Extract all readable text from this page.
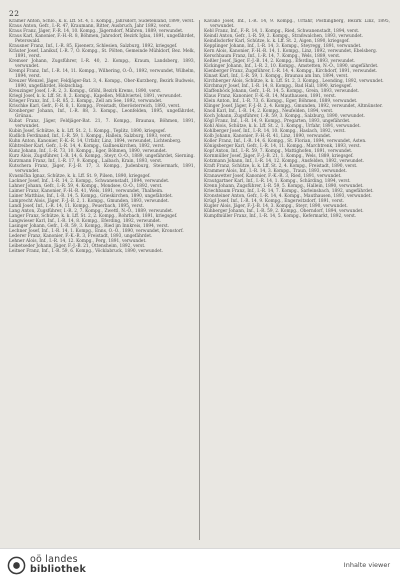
22

Kramer Anton, Schlo., k. k. Lff. St. 4, 1. Kompg., Jahrsdorf, Sudetenland, 1899, verst.

Kraus Anton, Gefr., I.-R. 47, Kraumann, Ritter, Ausbruch, Jahr 1892, verst.

Kraus Franz, Jäger, F.-R. 14, 10. Kompg., Jägerndorf, Mähren, 1889, verwundet.

Kraus Karl, Kanonier, F.-H.-R. 8, Böhmen, Jahrsdorf, Bezirk Iglau, 1891, ungefährdet, Peterswald.

Krausner Franz, Inf., I.-R. 85, Eisenerz, Schlesien, Salzburg, 1892, kriegsgef.

Kräuter Josef, Lanikuf, I.-R. 7, Ö. Kompg., St. Pölten, Gemeinde Mühldorf, Bez. Melk, 1891, verst.

Kremser Johann, Zugsführer, I.-R. 40, 2. Kompg., Kraum, Landsberg, 1893, verwundet.

Krempl Franz, Inf., I.-R. 14, 11. Kompg., Wilhering, O.-Ö., 1892, verwundet, Wilhelm, 1894, verst.

Kreuzer Wenzel, Jäger, Feldjäger-Bat. 3, 4. Kompg., Ober-Kurzberg, Bezirk Budweis, 1890, ungefährdet, Holzschlag.

Kreuzinger Josef, I.-R. 2, 3. Kompg., Gföhl, Bezirk Krems, 1890, verst.

Kriegl Josef, k. k. Lff. St. 8, 2. Kompg., Kapellen, Mühlviertel, 1891, verwundet.

Krieger Franz, Inf., I.-R. 85, 2. Kompg., Zell am See, 1892, verwundet.

Krischke Karl, Gefr., F.-R. 8, 1. Kompg., Freistadt, Oberösterreich, 1893, verst.

Kronberger Johann, Inf., I.-R. 88, 3. Kompg., Leonfelden, 1895, ungefährdet, Grünau.

Kubat Franz, Jäger, Feldjäger-Bat. 21, 7. Kompg., Braunau, Böhmen, 1891, verwundet.

Kubin Josef, Schütze, k. k. Lff. St. 2, 1. Kompg., Teplitz, 1890, kriegsgef.

Kudlich Ferdinand, Inf., I.-R. 59, 1. Kompg., Hallein, Salzburg, 1893, verst.

Kuhn Anton, Kanonier, F.-K.-R. 14, Urfahr, Linz, 1894, verwundet, Lichtenberg.

Kühtreiber Karl, Gefr., I.-R. 14, 4. Kompg., Gallneukirchen, 1892, verst.

Kunz Johann, Inf., I.-R. 73, 10. Kompg., Eger, Böhmen, 1890, verwundet.

Kurz Alois, Zugsführer, I.-R. 14, 6. Kompg., Steyr, O.-Ö., 1889, ungefährdet, Sierning.

Kurzmann Franz, Inf., I.-R. 17, 9. Kompg., Laibach, Krain, 1893, verst.

Kutschera Franz, Jäger, F.-J.-B. 17, 3. Kompg., Judenburg, Steiermark, 1891, verwundet.

Kvasnička Ignaz, Schütze, k. k. Lff. St. 9, Pilsen, 1890, kriegsgef.

Lackner Josef, Inf., I.-R. 14, 2. Kompg., Schwanenstadt, 1894, verwundet.

Lahner Johann, Gefr., I.-R. 59, 4. Kompg., Mondsee, O.-Ö., 1892, verst.

Laimer Franz, Kanonier, F.-H.-R. 41, Wels, 1891, verwundet, Thalheim.

Lainer Matthias, Inf., I.-R. 14, 5. Kompg., Grieskirchen, 1890, ungefährdet.

Lamprecht Alois, Jäger, F.-J.-B. 2, 1. Kompg., Gmunden, 1893, verwundet.

Landl Josef, Inf., I.-R. 14, 11. Kompg., Peuerbach, 1895, verst.

Lang Anton, Zugsführer, I.-R. 2, 7. Kompg., Zwettl, N.-Ö., 1889, verwundet.

Langer Franz, Schütze, k. k. Lff. St. 2, 2. Kompg., Rohrbach, 1891, kriegsgef.

Langwieser Karl, Inf., I.-R. 14, 8. Kompg., Eferding, 1892, verwundet.

Lasinger Johann, Gefr., I.-R. 59, 3. Kompg., Ried im Innkreis, 1894, verst.

Lechner Josef, Inf., I.-R. 14, 1. Kompg., Enns, O.-Ö., 1890, verwundet, Kronstorf.

Lederer Franz, Kanonier, F.-K.-R. 3, Freistadt, 1893, ungefährdet.

Lehner Alois, Inf., I.-R. 14, 12. Kompg., Perg, 1891, verwundet.

Leibetseder Johann, Jäger, F.-J.-B. 21, Ottensheim, 1892, verst.

Leitner Franz, Inf., I.-R. 59, 6. Kompg., Vöcklabruck, 1890, verwundet.

Kavallo Josef, Inf., I.-R. 14, 9. Kompg., Urfahr, Pöstlingberg, Bezirk Linz, 1895, verwundet.

Kebl Franz, Inf., F.-R. 14, 1. Kompg., Ried, Schwanenstadt, 1894, verst.

Keindl Anton, Gefr., I.-R. 59, 2. Kompg., Straßwalchen, 1893, verwundet.

Keindlsdorfer Karl, Schütze, k. k. Lff. St. 2, Aigen, 1890, kriegsgef.

Kepplinger Johann, Inf., I.-R. 14, 3. Kompg., Steyregg, 1891, verwundet.

Kern Alois, Kanonier, F.-H.-R. 14, 1. Kompg., Linz, 1892, verwundet, Ebelsberg.

Kerschbaum Franz, Inf., I.-R. 14, 7. Kompg., Wels, 1889, verst.

Keßler Josef, Jäger, F.-J.-B. 14, 2. Kompg., Eferding, 1893, verwundet.

Kickinger Johann, Inf., I.-R. 2, 10. Kompg., Amstetten, N.-Ö., 1890, ungefährdet.

Kienberger Franz, Zugsführer, I.-R. 14, 4. Kompg., Kirchdorf, 1891, verwundet.

Kinast Karl, Inf., I.-R. 59, 1. Kompg., Braunau am Inn, 1894, verst.

Kirchberger Alois, Schütze, k. k. Lff. St. 2, 3. Kompg., Leonding, 1892, verwundet.

Kirchmayr Josef, Inf., I.-R. 14, 8. Kompg., Bad Hall, 1890, kriegsgef.

Klaffenböck Johann, Gefr., I.-R. 14, 5. Kompg., Grein, 1893, verwundet.

Klaus Franz, Kanonier, F.-K.-R. 14, Mauthausen, 1891, verst.

Klein Anton, Inf., I.-R. 73, 6. Kompg., Eger, Böhmen, 1889, verwundet.

Klinger Josef, Jäger, F.-J.-B. 2, 4. Kompg., Gmunden, 1892, verwundet, Altmünster.

Knoll Karl, Inf., I.-R. 14, 2. Kompg., Neufelden, 1894, verst.

Koch Johann, Zugsführer, I.-R. 59, 3. Kompg., Salzburg, 1890, verwundet.

Kögl Franz, Inf., I.-R. 14, 9. Kompg., Pregarten, 1893, ungefährdet.

Kohl Alois, Schütze, k. k. Lff. St. 2, 1. Kompg., Urfahr, 1891, verwundet.

Kohlberger Josef, Inf., I.-R. 14, 10. Kompg., Haslach, 1892, verst.

Kolb Johann, Kanonier, F.-H.-R. 41, Linz, 1890, verwundet.

Koller Franz, Inf., I.-R. 14, 6. Kompg., St. Florian, 1894, verwundet, Asten.

Königsberger Karl, Gefr., I.-R. 14, 11. Kompg., Marchtrenk, 1893, verst.

Kopf Anton, Inf., I.-R. 59, 7. Kompg., Mattighofen, 1891, verwundet.

Kornmüller Josef, Jäger, F.-J.-B. 21, 1. Kompg., Wels, 1889, kriegsgef.

Kotzmann Johann, Inf., I.-R. 14, 12. Kompg., Ansfelden, 1892, verwundet.

Kraft Franz, Schütze, k. k. Lff. St. 2, 4. Kompg., Freistadt, 1890, verst.

Krammer Alois, Inf., I.-R. 14, 3. Kompg., Traun, 1893, verwundet.

Kranawetter Josef, Kanonier, F.-K.-R. 3, Ried, 1891, verwundet.

Krautgartner Karl, Inf., I.-R. 14, 1. Kompg., Schärding, 1894, verst.

Krenn Johann, Zugsführer, I.-R. 59, 5. Kompg., Hallein, 1890, verwundet.

Kriechbaum Franz, Inf., I.-R. 14, 7. Kompg., Sarleinsbach, 1892, ungefährdet.

Kronsteiner Anton, Gefr., I.-R. 14, 4. Kompg., Mauthausen, 1893, verwundet.

Krügl Josef, Inf., I.-R. 14, 9. Kompg., Engerwitzdorf, 1891, verst.

Kugler Alois, Jäger, F.-J.-B. 14, 3. Kompg., Steyr, 1890, verwundet.

Kühberger Johann, Inf., I.-R. 59, 2. Kompg., Oberndorf, 1894, verwundet.

Kumpfmüller Franz, Inf., I.-R. 14, 5. Kompg., Kefermarkt, 1892, verst.

oö landes
bibliothek	Inhalte viewer
